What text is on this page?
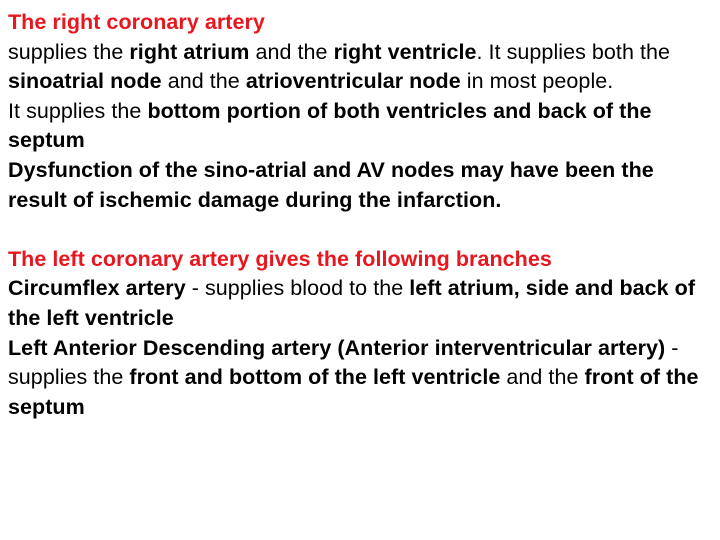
The right coronary artery

supplies the right atrium and the right ventricle. It supplies both the sinoatrial node and the atrioventricular node in most people.

It supplies the bottom portion of both ventricles and back of the septum

Dysfunction of the sino-atrial and AV nodes may have been the result of ischemic damage during the infarction.

The left coronary artery gives the following branches

Circumflex artery - supplies blood to the left atrium, side and back of the left ventricle

Left Anterior Descending artery (Anterior interventricular artery) - supplies the front and bottom of the left ventricle and the front of the septum
